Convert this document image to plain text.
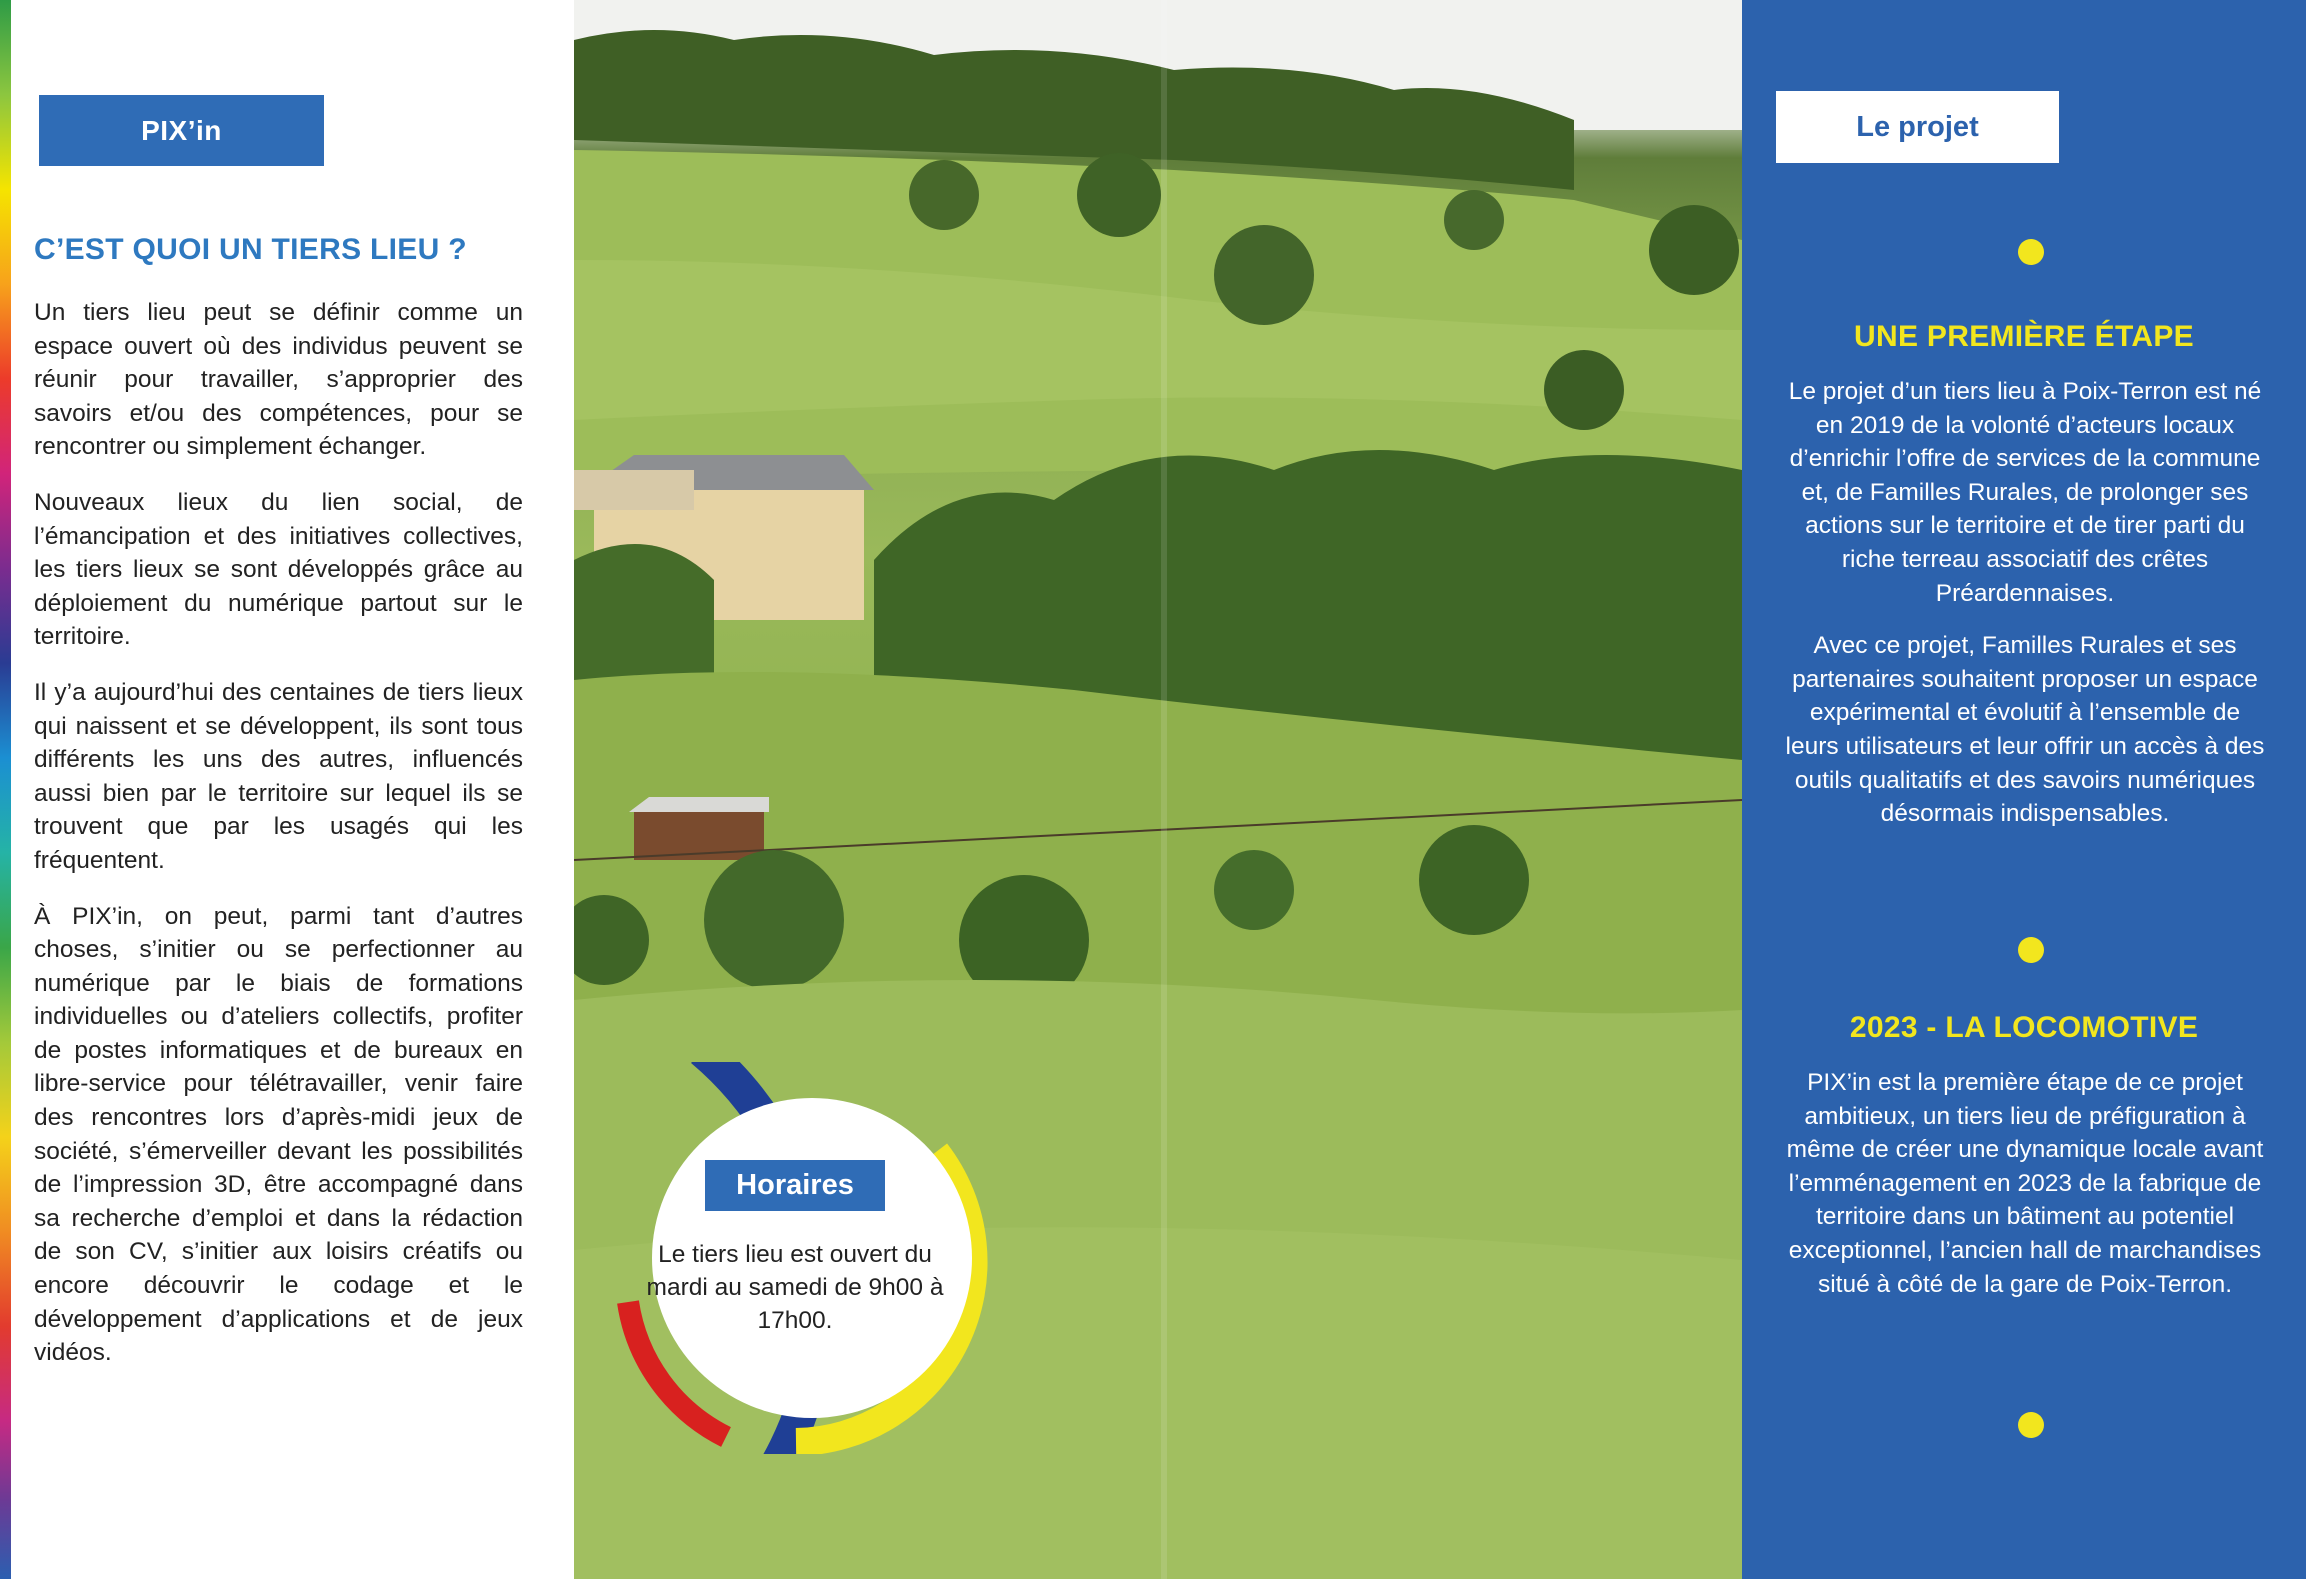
PIX’in
C’EST QUOI UN TIERS LIEU ?

Un tiers lieu peut se définir comme un espace ouvert où des individus peuvent se réunir pour travailler, s’approprier des savoirs et/ou des compétences, pour se rencontrer ou simplement échanger.

Nouveaux lieux du lien social, de l’émancipation et des initiatives collectives, les tiers lieux se sont développés grâce au déploiement du numérique partout sur le territoire.

Il y’a aujourd’hui des centaines de tiers lieux qui naissent et se développent, ils sont tous différents les uns des autres, influencés aussi bien par le territoire sur lequel ils se trouvent que par les usagés qui les fréquentent.

À PIX’in, on peut, parmi tant d’autres choses, s’initier ou se perfectionner au numérique par le biais de formations individuelles ou d’ateliers collectifs, profiter de postes informatiques et de bureaux en libre-service pour télétravailler, venir faire des rencontres lors d’après-midi jeux de société, s’émerveiller devant les possibilités de l’impression 3D, être accompagné dans sa recherche d’emploi et dans la rédaction de son CV, s’initier aux loisirs créatifs ou encore découvrir le codage et le développement d’applications et de jeux vidéos.

Horaires

Le tiers lieu est ouvert du mardi au samedi de 9h00 à 17h00.

Le projet
UNE PREMIÈRE ÉTAPE

Le projet d’un tiers lieu à Poix-Terron est né en 2019 de la volonté d’acteurs locaux d’enrichir l’offre de services de la commune et, de Familles Rurales, de prolonger ses actions sur le territoire et de tirer parti du riche terreau associatif des crêtes Préardennaises.

Avec ce projet, Familles Rurales et ses partenaires souhaitent proposer un espace expérimental et évolutif à l’ensemble de leurs utilisateurs et leur offrir un accès à des outils qualitatifs et des savoirs numériques désormais indispensables.

2023 - LA LOCOMOTIVE

PIX’in est la première étape de ce projet ambitieux, un tiers lieu de préfiguration à même de créer une dynamique locale avant l’emménagement en 2023 de la fabrique de territoire dans un bâtiment au potentiel exceptionnel, l’ancien hall de marchandises situé à côté de la gare de Poix-Terron.
